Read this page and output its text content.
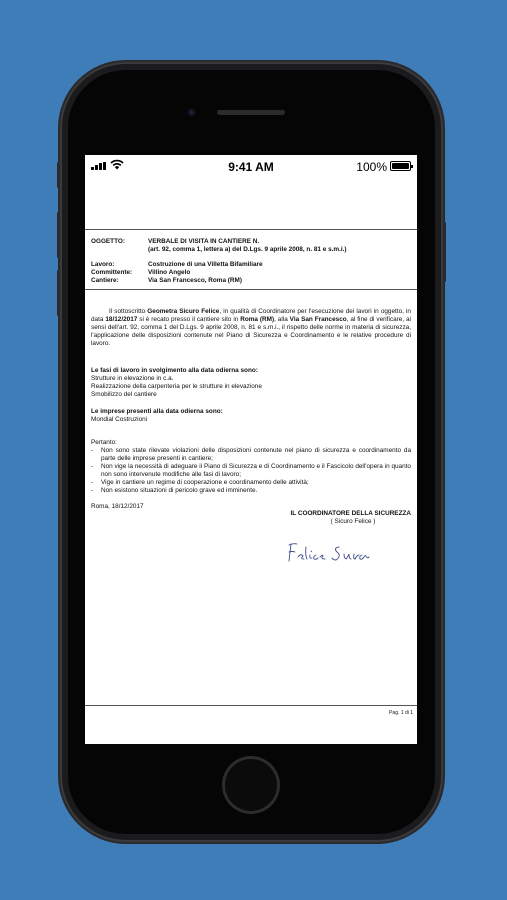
9:41 AM	100%
OGGETTO:	VERBALE DI VISITA IN CANTIERE N.
(art. 92, comma 1, lettera a) del D.Lgs. 9 aprile 2008, n. 81 e s.m.i.)
Lavoro:	Costruzione di una Villetta Bifamiliare
Committente:	Villino Angelo
Cantiere:	Via San Francesco, Roma (RM)

Il sottoscritto Geometra Sicuro Felice, in qualità di Coordinatore per l'esecuzione dei lavori in oggetto, in data 18/12/2017 si è recato presso il cantiere sito in Roma (RM), alla Via San Francesco, al fine di verificare, ai sensi dell'art. 92, comma 1 del D.Lgs. 9 aprile 2008, n. 81 e s.m.i., il rispetto delle norme in materia di sicurezza, l'applicazione delle disposizioni contenute nel Piano di Sicurezza e Coordinamento e le relative procedure di lavoro.

Le fasi di lavoro in svolgimento alla data odierna sono:
Strutture in elevazione in c.a.
Realizzazione della carpenteria per le strutture in elevazione
Smobilizzo del cantiere
Le imprese presenti alla data odierna sono:
Mondial Costruzioni
Pertanto:
- Non sono state rilevate violazioni delle disposizioni contenute nel piano di sicurezza e coordinamento da parte delle imprese presenti in cantiere;
- Non vige la necessità di adeguare il Piano di Sicurezza e di Coordinamento e il Fascicolo dell'opera in quanto non sono intervenute modifiche alle fasi di lavoro;
- Vige in cantiere un regime di cooperazione e coordinamento delle attività;
- Non esistono situazioni di pericolo grave ed imminente.
Roma, 18/12/2017
IL COORDINATORE DELLA SICUREZZA
( Sicuro Felice )
Pag. 1 di 1
